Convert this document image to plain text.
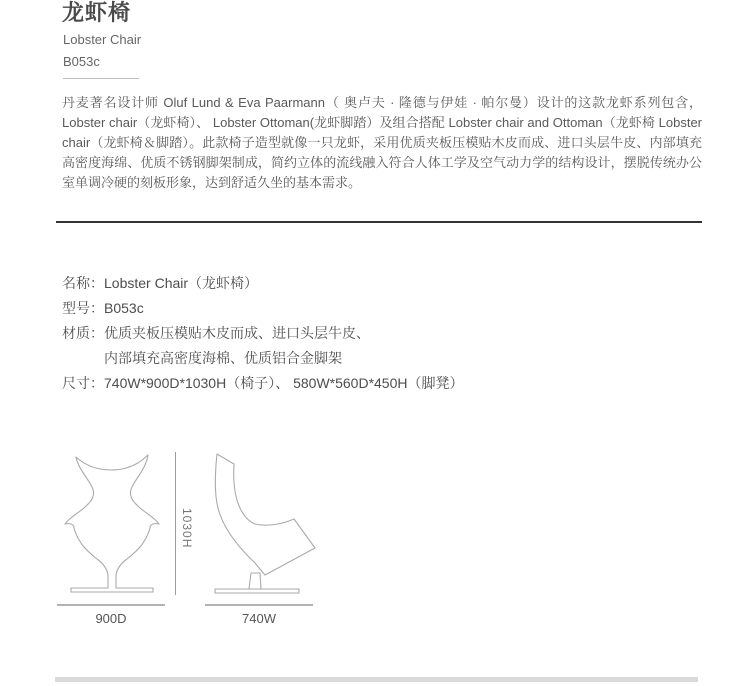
龙虾椅
Lobster Chair
B053c

丹麦著名设计师 Oluf Lund & Eva Paarmann（ 奥卢夫 · 隆德与伊娃 · 帕尔曼）设计的这款龙虾系列包含，Lobster chair（龙虾椅）、 Lobster Ottoman(龙虾脚踏）及组合搭配 Lobster chair and Ottoman（龙虾椅 Lobster chair（龙虾椅＆脚踏）。此款椅子造型就像一只龙虾，采用优质夹板压模贴木皮而成、进口头层牛皮、内部填充高密度海绵、优质不锈钢脚架制成，简约立体的流线融入符合人体工学及空气动力学的结构设计，摆脱传统办公室单调冷硬的刻板形象，达到舒适久坐的基本需求。

名称：Lobster Chair（龙虾椅）
型号：B053c
材质：优质夹板压模贴木皮而成、进口头层牛皮、
内部填充高密度海棉、优质铝合金脚架
尺寸：740W*900D*1030H（椅子）、 580W*560D*450H（脚凳）
1030H
900D	740W
